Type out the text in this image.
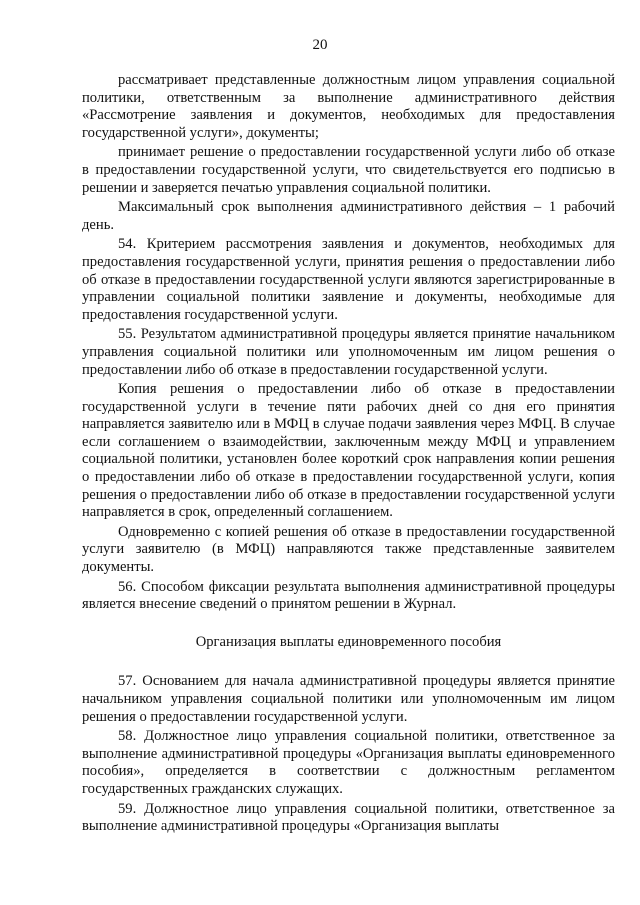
20

рассматривает представленные должностным лицом управления социальной политики, ответственным за выполнение административного действия «Рассмотрение заявления и документов, необходимых для предоставления государственной услуги», документы;

принимает решение о предоставлении государственной услуги либо об отказе в предоставлении государственной услуги, что свидетельствуется его подписью в решении и заверяется печатью управления социальной политики.

Максимальный срок выполнения административного действия – 1 рабочий день.

54. Критерием рассмотрения заявления и документов, необходимых для предоставления государственной услуги, принятия решения о предоставлении либо об отказе в предоставлении государственной услуги являются зарегистрированные в управлении социальной политики заявление и документы, необходимые для предоставления государственной услуги.

55. Результатом административной процедуры является принятие начальником управления социальной политики или уполномоченным им лицом решения о предоставлении либо об отказе в предоставлении государственной услуги.

Копия решения о предоставлении либо об отказе в предоставлении государственной услуги в течение пяти рабочих дней со дня его принятия направляется заявителю или в МФЦ в случае подачи заявления через МФЦ. В случае если соглашением о взаимодействии, заключенным между МФЦ и управлением социальной политики, установлен более короткий срок направления копии решения о предоставлении либо об отказе в предоставлении государственной услуги, копия решения о предоставлении либо об отказе в предоставлении государственной услуги направляется в срок, определенный соглашением.

Одновременно с копией решения об отказе в предоставлении государственной услуги заявителю (в МФЦ) направляются также представленные заявителем документы.

56. Способом фиксации результата выполнения административной процедуры является внесение сведений о принятом решении в Журнал.

Организация выплаты единовременного пособия

57. Основанием для начала административной процедуры является принятие начальником управления социальной политики или уполномоченным им лицом решения о предоставлении государственной услуги.

58. Должностное лицо управления социальной политики, ответственное за выполнение административной процедуры «Организация выплаты единовременного пособия», определяется в соответствии с должностным регламентом государственных гражданских служащих.

59. Должностное лицо управления социальной политики, ответственное за выполнение административной процедуры «Организация выплаты
